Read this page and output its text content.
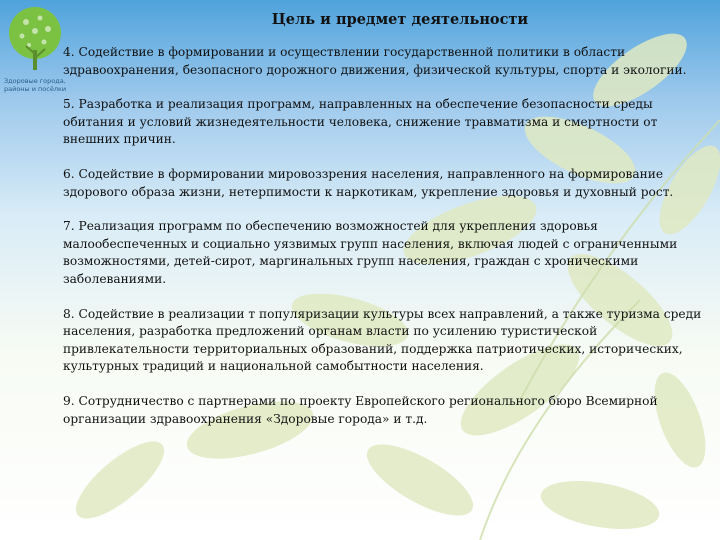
Здоровые города,
районы и посёлки
Цель и предмет деятельности

4. Содействие в формировании и осуществлении государственной политики в области здравоохранения, безопасного дорожного движения, физической культуры, спорта и экологии.

5. Разработка и реализация программ, направленных на обеспечение безопасности среды обитания и условий жизнедеятельности человека, снижение травматизма и смертности от внешних причин.

6. Содействие в формировании мировоззрения населения, направленного на формирование здорового образа жизни, нетерпимости к наркотикам, укрепление здоровья и духовный рост.

7. Реализация программ по обеспечению возможностей для укрепления здоровья малообеспеченных и социально уязвимых групп населения, включая людей с ограниченными возможностями, детей-сирот, маргинальных групп населения, граждан с хроническими заболеваниями.

8. Содействие в реализации т популяризации культуры всех направлений, а также туризма среди населения, разработка предложений органам власти по усилению туристической привлекательности территориальных образований, поддержка патриотических, исторических, культурных традиций и национальной самобытности населения.

9. Сотрудничество с партнерами по проекту Европейского регионального бюро Всемирной организации здравоохранения «Здоровые города» и т.д.
